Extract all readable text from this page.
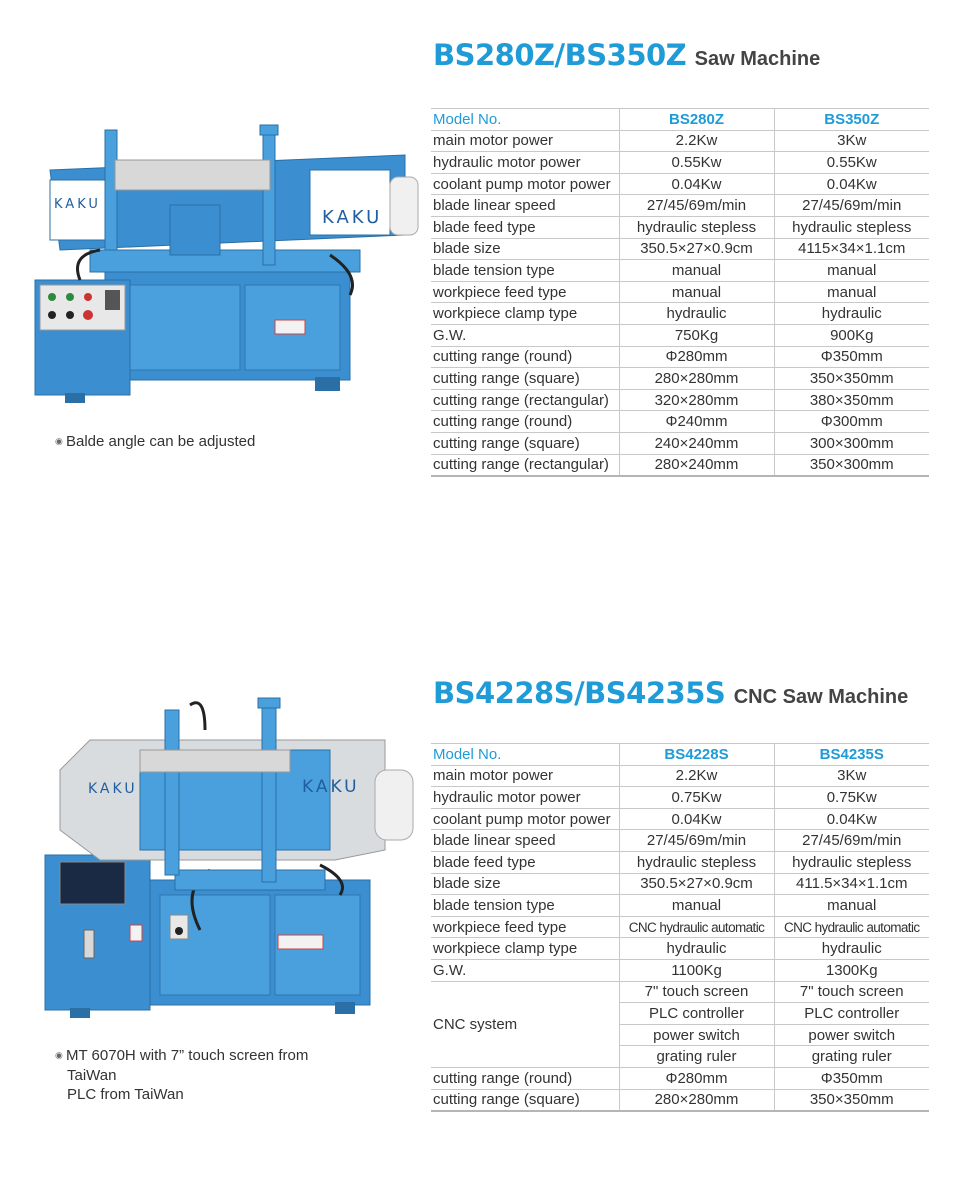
BS280Z/BS350Z Saw Machine
KAKU
KAKU
◉ Balde angle can be adjusted
Model No.	BS280Z	BS350Z
main motor power	2.2Kw	3Kw
hydraulic motor power	0.55Kw	0.55Kw
coolant pump motor power	0.04Kw	0.04Kw
blade linear speed	27/45/69m/min	27/45/69m/min
blade feed type	hydraulic stepless	hydraulic stepless
blade size	350.5×27×0.9cm	4115×34×1.1cm
blade tension type	manual	manual
workpiece feed type	manual	manual
workpiece clamp type	hydraulic	hydraulic
G.W.	750Kg	900Kg
cutting range (round)	Φ280mm	Φ350mm
cutting range (square)	280×280mm	350×350mm
cutting range (rectangular)	320×280mm	380×350mm
cutting range (round)	Φ240mm	Φ300mm
cutting range (square)	240×240mm	300×300mm
cutting range (rectangular)	280×240mm	350×300mm
BS4228S/BS4235S CNC Saw Machine
KAKU	KAKU
◉ MT 6070H with 7” touch screen from
TaiWan
PLC from TaiWan
Model No.	BS4228S	BS4235S
main motor power	2.2Kw	3Kw
hydraulic motor power	0.75Kw	0.75Kw
coolant pump motor power	0.04Kw	0.04Kw
blade linear speed	27/45/69m/min	27/45/69m/min
blade feed type	hydraulic stepless	hydraulic stepless
blade size	350.5×27×0.9cm	411.5×34×1.1cm
blade tension type	manual	manual
workpiece feed type	CNC hydraulic automatic	CNC hydraulic automatic
workpiece clamp type	hydraulic	hydraulic
G.W.	1100Kg	1300Kg
CNC system	7" touch screen	7" touch screen
	PLC controller	PLC controller
	power switch	power switch
	grating ruler	grating ruler
cutting range (round)	Φ280mm	Φ350mm
cutting range (square)	280×280mm	350×350mm
